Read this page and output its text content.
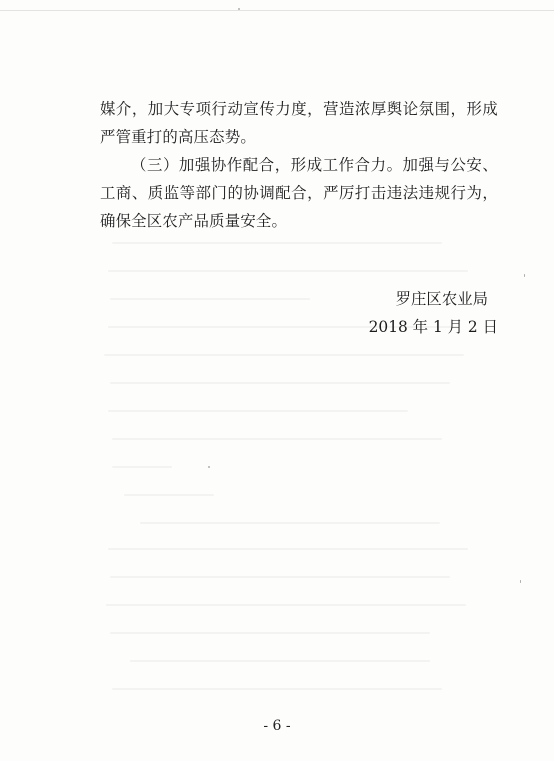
媒介，加大专项行动宣传力度，营造浓厚舆论氛围，形成严管重打的高压态势。

（三）加强协作配合，形成工作合力。加强与公安、工商、质监等部门的协调配合，严厉打击违法违规行为，确保全区农产品质量安全。

罗庄区农业局
2018 年 1 月 2 日
- 6 -
